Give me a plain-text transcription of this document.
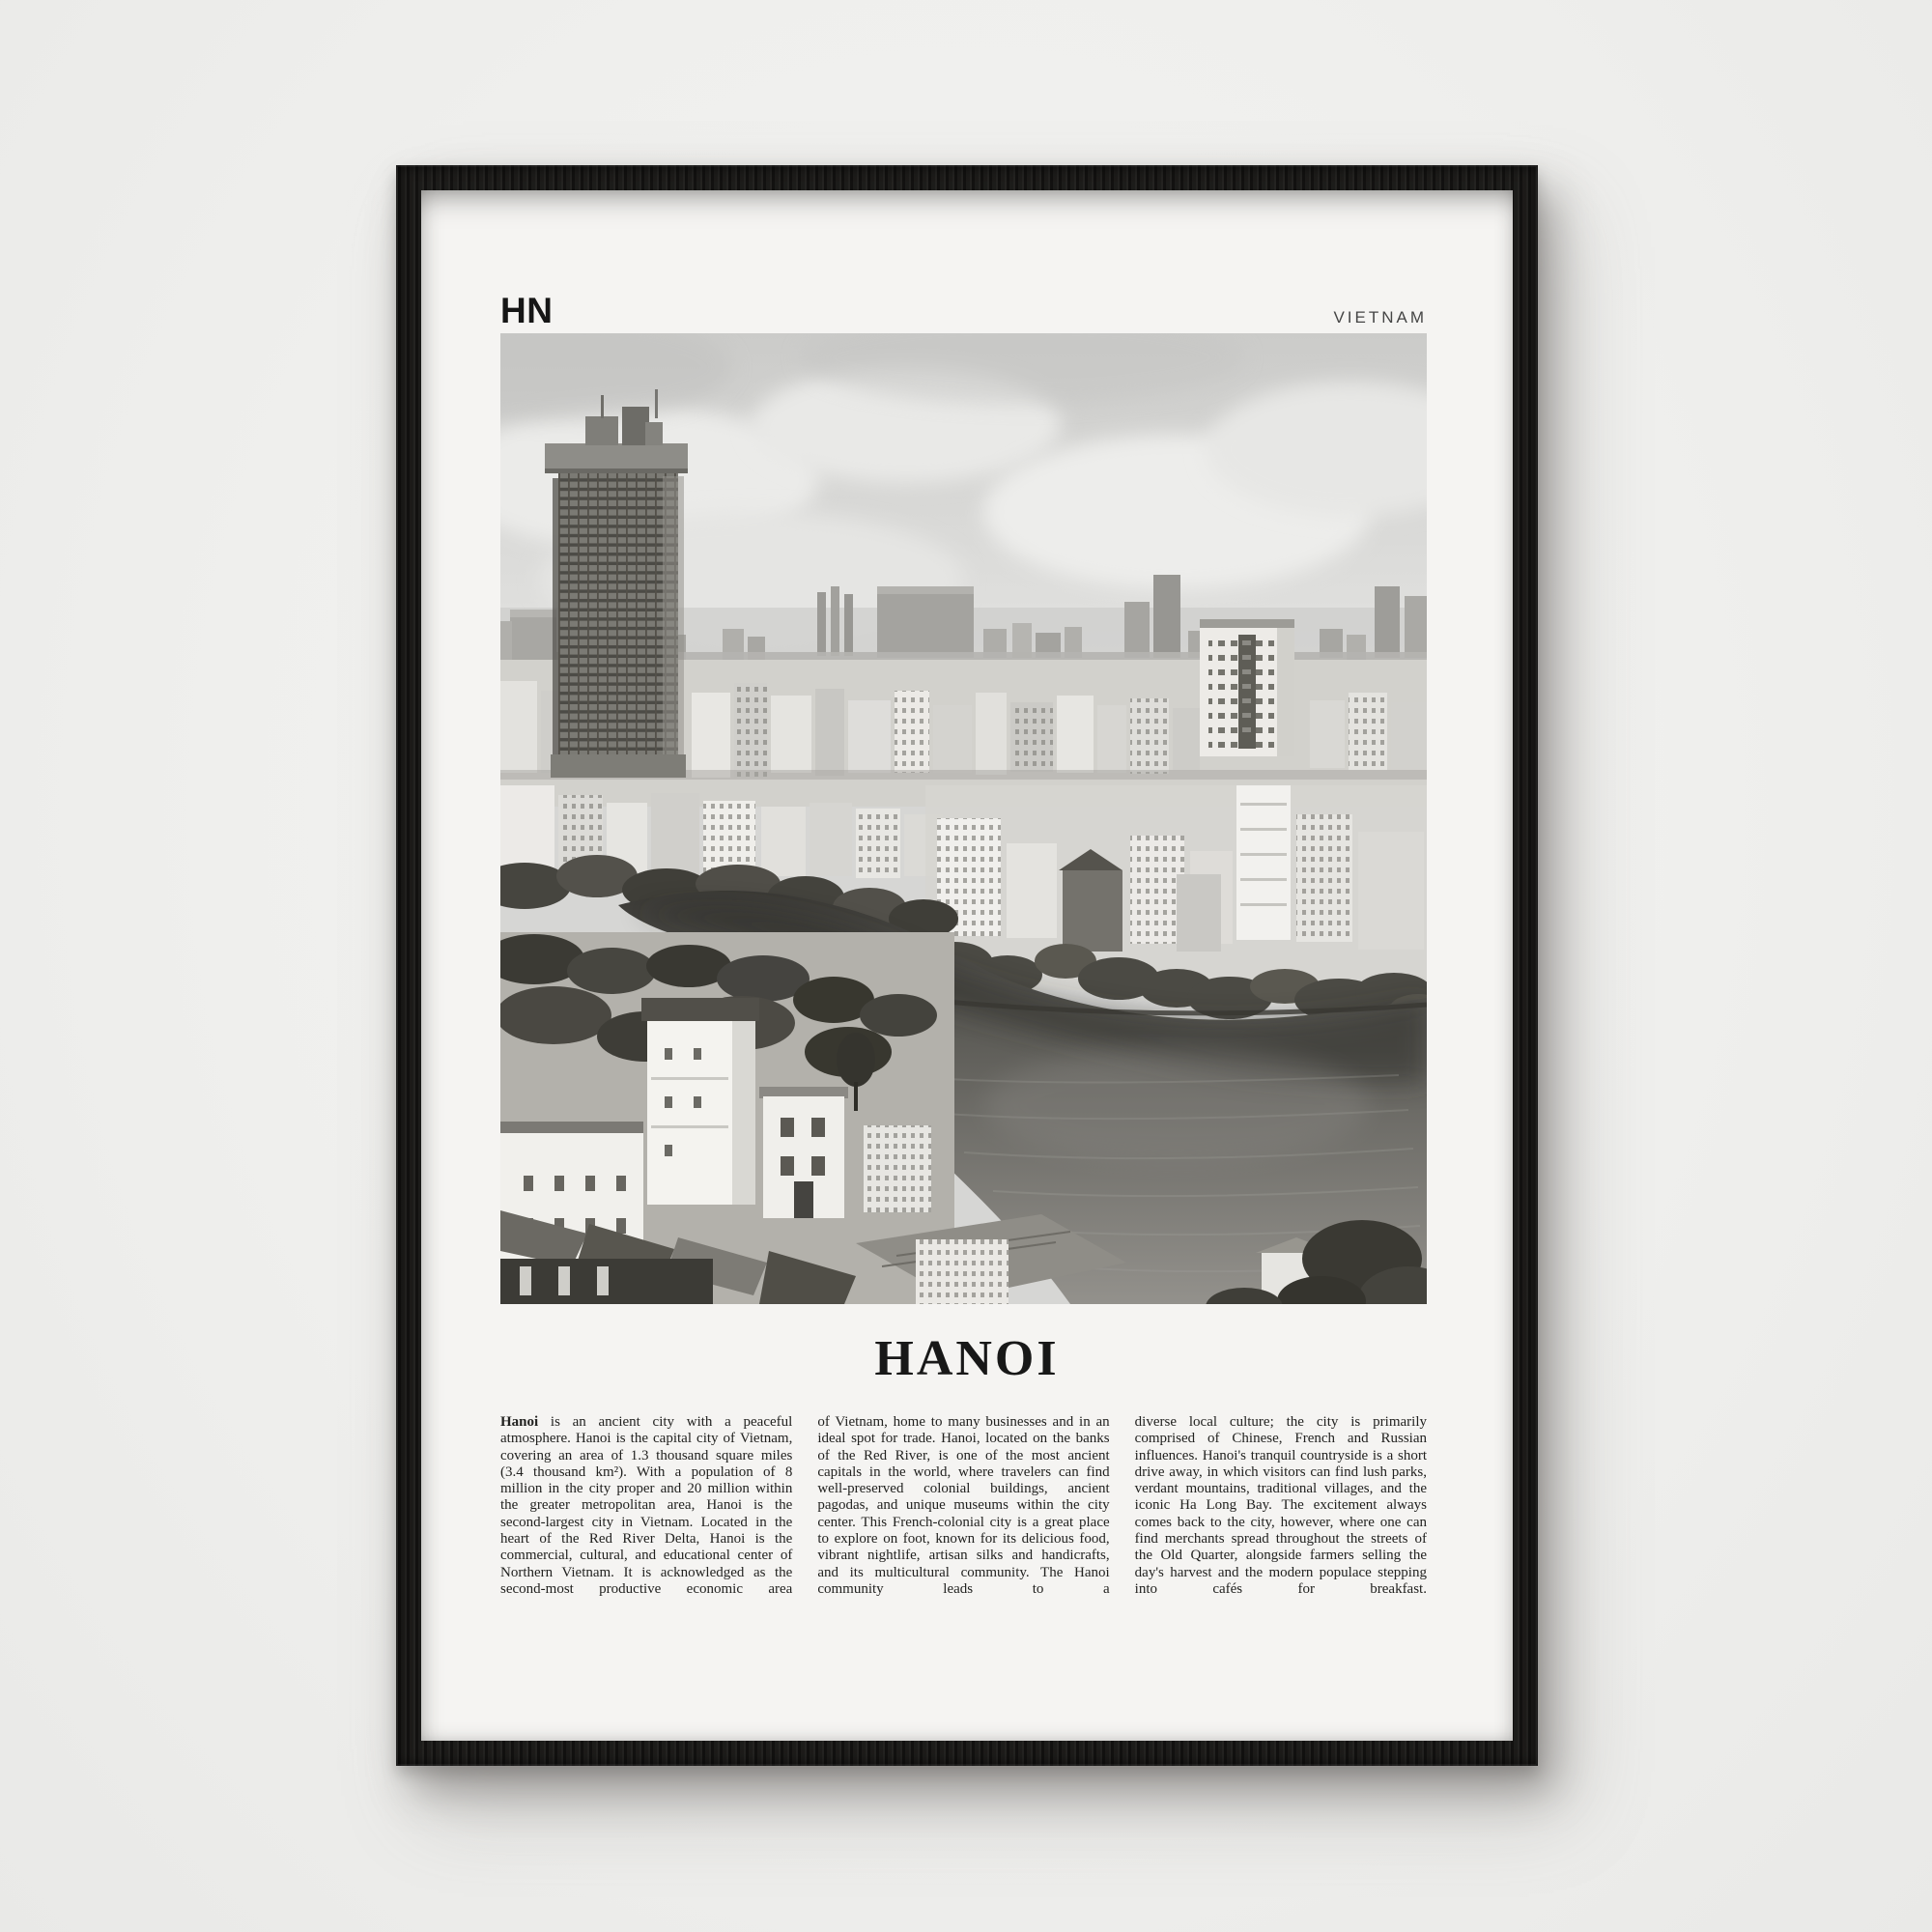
HN	VIETNAM
HANOI

Hanoi is an ancient city with a peaceful atmosphere. Hanoi is the capital city of Vietnam, covering an area of 1.3 thousand square miles (3.4 thousand km²). With a population of 8 million in the city proper and 20 million within the greater metropolitan area, Hanoi is the second-largest city in Vietnam. Located in the heart of the Red River Delta, Hanoi is the commercial, cultural, and educational center of Northern Vietnam. It is acknowledged as the second-most productive economic area

of Vietnam, home to many businesses and in an ideal spot for trade. Hanoi, located on the banks of the Red River, is one of the most ancient capitals in the world, where travelers can find well-preserved colonial buildings, ancient pagodas, and unique museums within the city center. This French-colonial city is a great place to explore on foot, known for its delicious food, vibrant nightlife, artisan silks and handicrafts, and its multicultural community. The Hanoi community leads to a

diverse local culture; the city is primarily comprised of Chinese, French and Russian influences. Hanoi's tranquil countryside is a short drive away, in which visitors can find lush parks, verdant mountains, traditional villages, and the iconic Ha Long Bay. The excitement always comes back to the city, however, where one can find merchants spread throughout the streets of the Old Quarter, alongside farmers selling the day's harvest and the modern populace stepping into cafés for breakfast.
